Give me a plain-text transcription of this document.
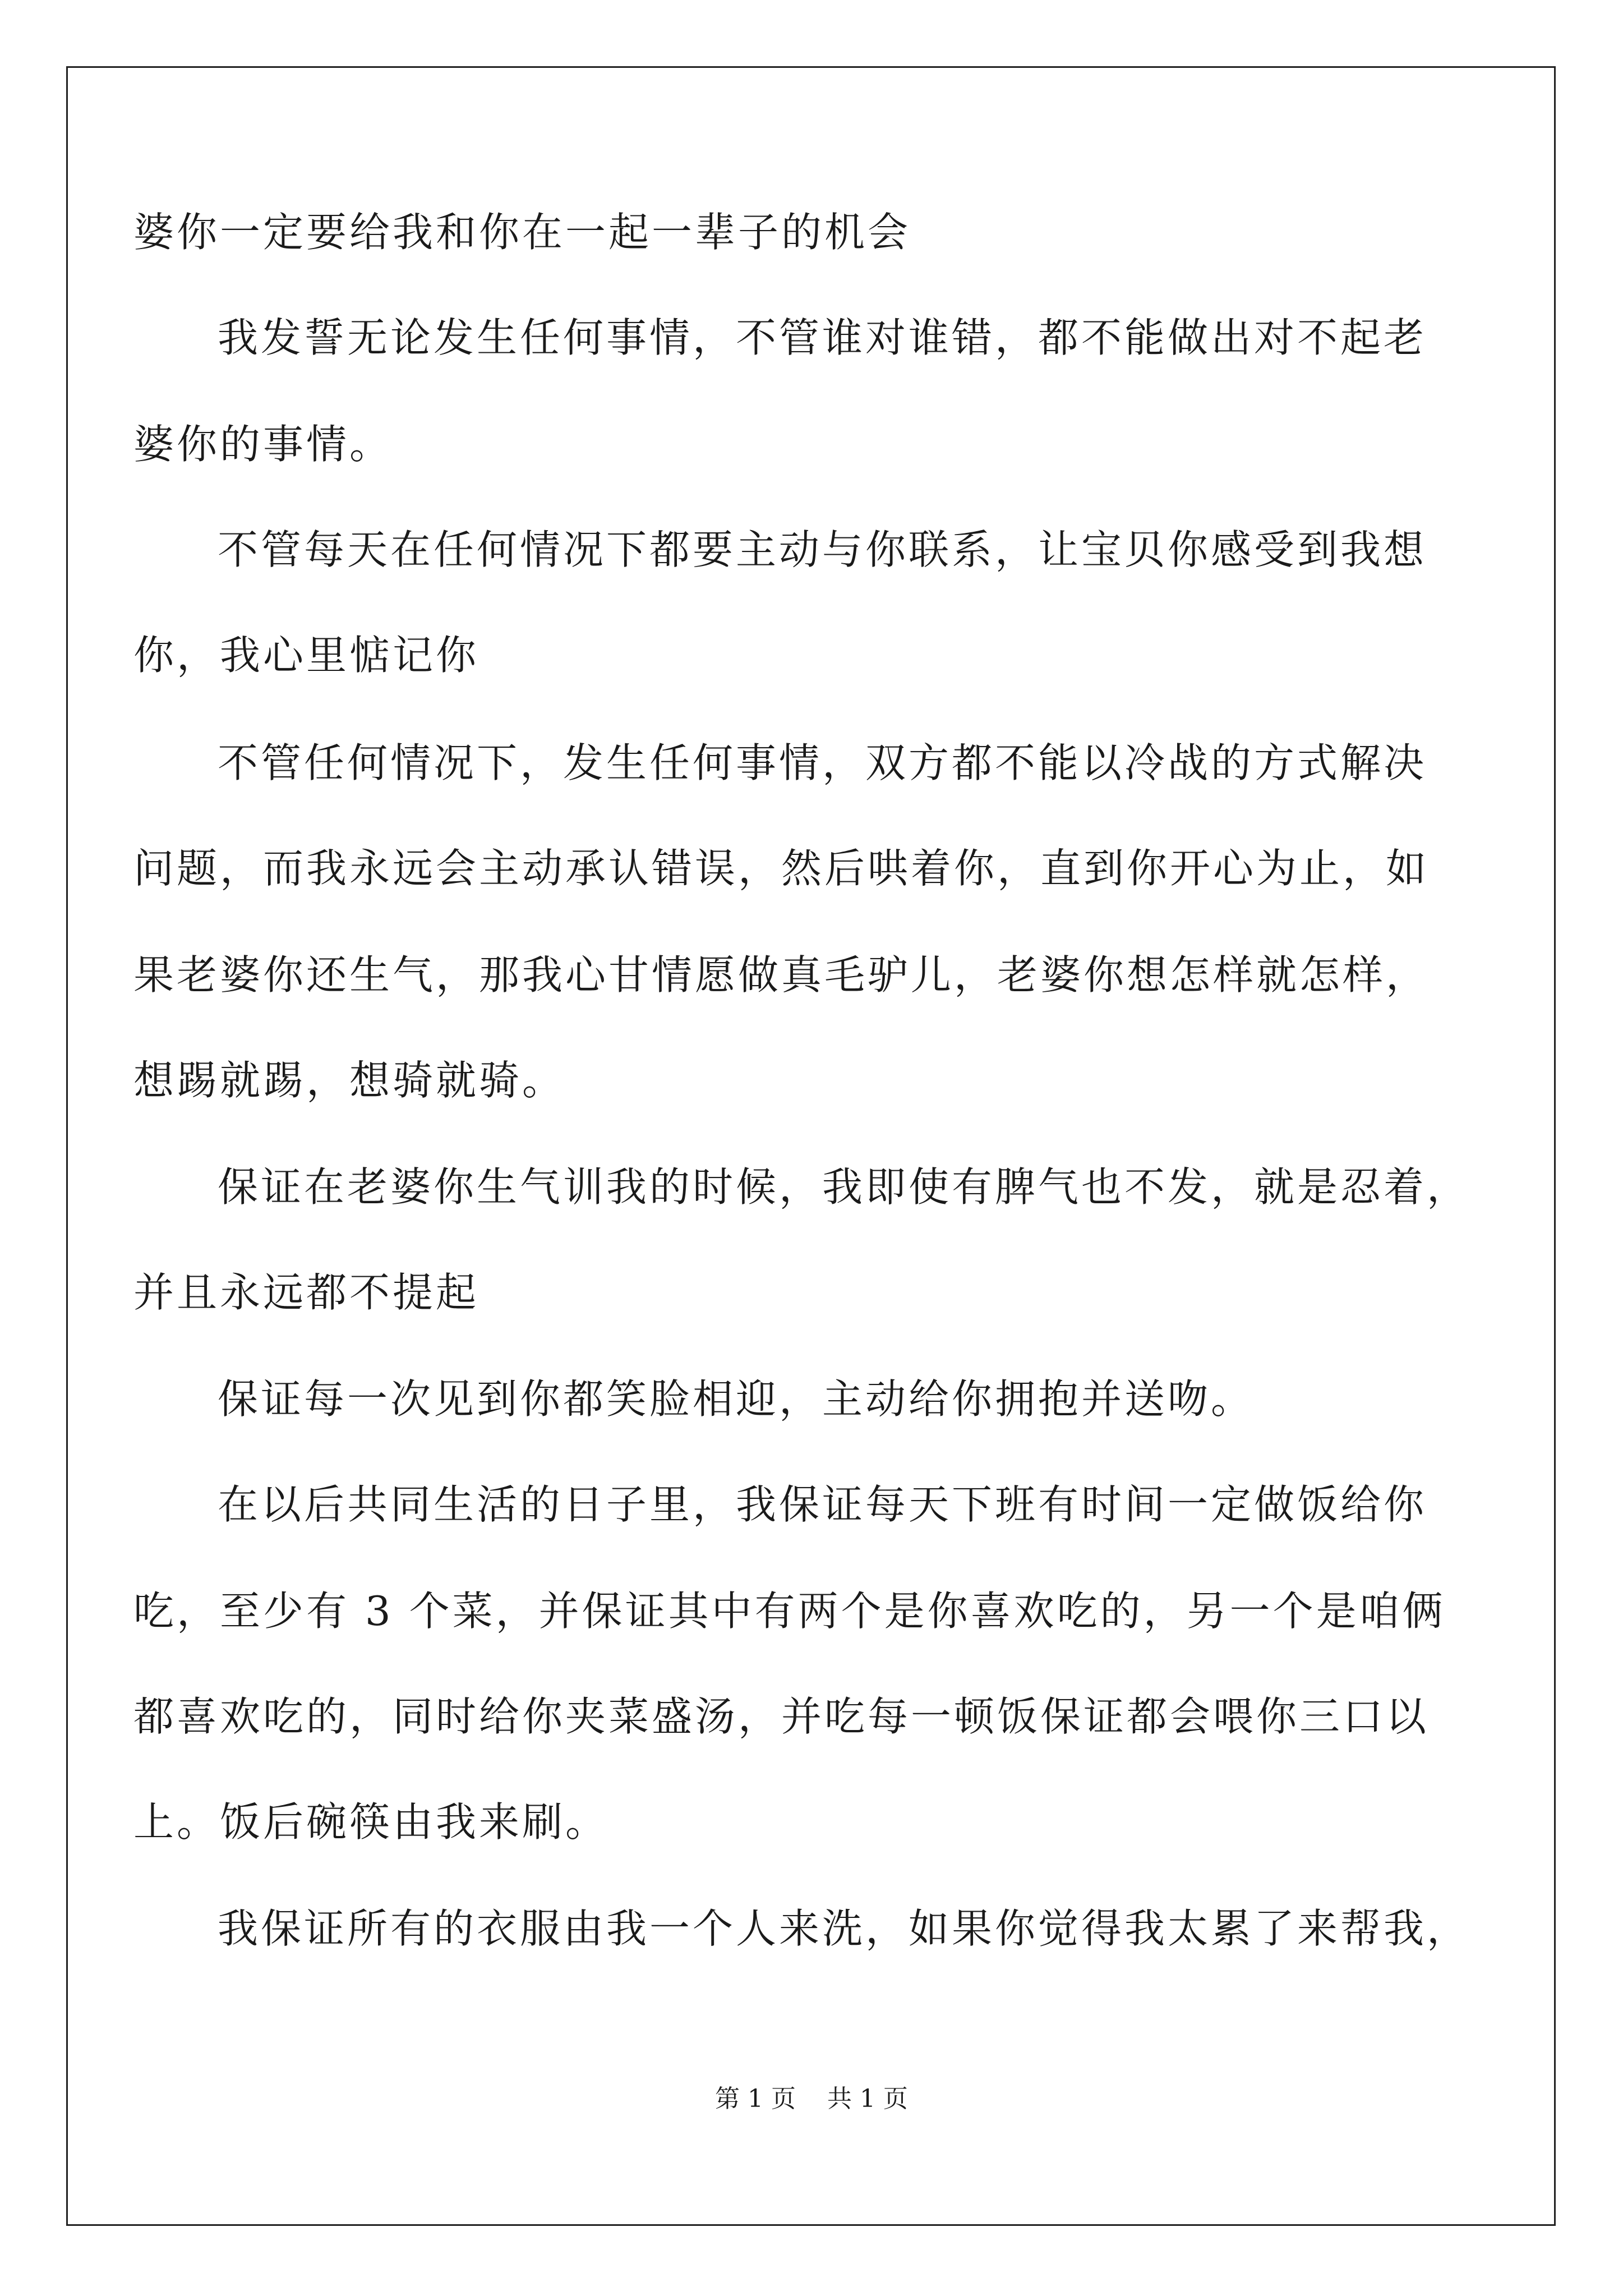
婆你一定要给我和你在一起一辈子的机会
我发誓无论发生任何事情，不管谁对谁错，都不能做出对不起老
婆你的事情。
不管每天在任何情况下都要主动与你联系，让宝贝你感受到我想
你，我心里惦记你
不管任何情况下，发生任何事情，双方都不能以冷战的方式解决
问题，而我永远会主动承认错误，然后哄着你，直到你开心为止，如
果老婆你还生气，那我心甘情愿做真毛驴儿，老婆你想怎样就怎样，
想踢就踢，想骑就骑。
保证在老婆你生气训我的时候，我即使有脾气也不发，就是忍着，
并且永远都不提起
保证每一次见到你都笑脸相迎，主动给你拥抱并送吻。
在以后共同生活的日子里，我保证每天下班有时间一定做饭给你
吃，至少有 3 个菜，并保证其中有两个是你喜欢吃的，另一个是咱俩
都喜欢吃的，同时给你夹菜盛汤，并吃每一顿饭保证都会喂你三口以
上。饭后碗筷由我来刷。
我保证所有的衣服由我一个人来洗，如果你觉得我太累了来帮我，
第 1 页    共 1 页
